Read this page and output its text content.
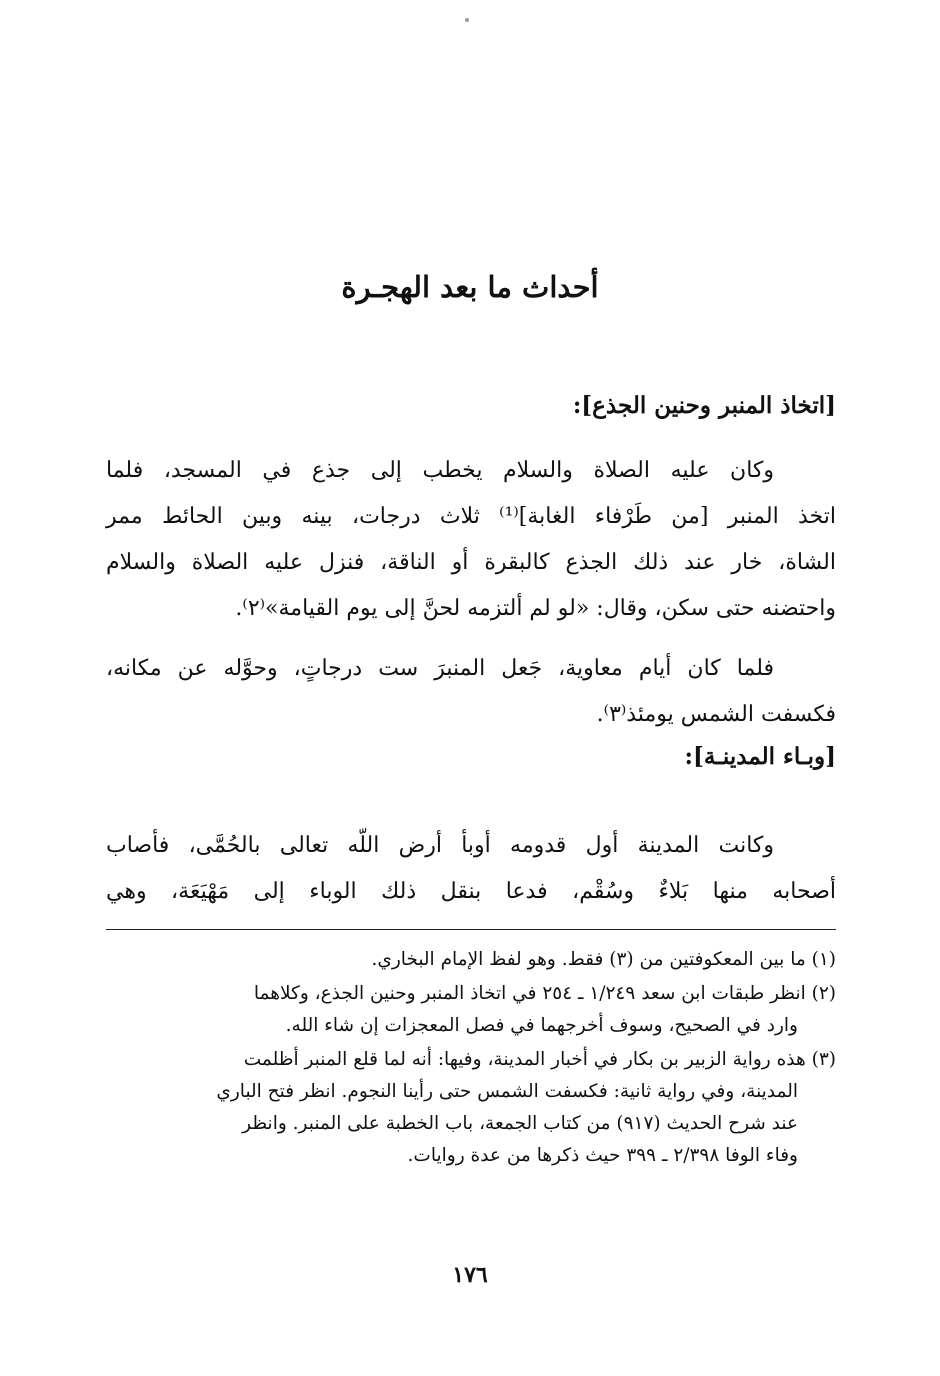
أحداث ما بعد الهجـرة
[اتخاذ المنبر وحنين الجذع]:
وكان عليه الصلاة والسلام يخطب إلى جذع في المسجد، فلما
اتخذ المنبر [من طَرْفاء الغابة]⁽¹⁾ ثلاث درجات، بينه وبين الحائط ممر
الشاة، خار عند ذلك الجذع كالبقرة أو الناقة، فنزل عليه الصلاة والسلام
واحتضنه حتى سكن، وقال: «لو لم ألتزمه لحنَّ إلى يوم القيامة»⁽٢⁾.
فلما كان أيام معاوية، جَعل المنبرَ ست درجاتٍ، وحوَّله عن مكانه،
فكسفت الشمس يومئذ⁽٣⁾.
[وبـاء المدينـة]:
وكانت المدينة أول قدومه أوبأ أرض اللّه تعالى بالحُمَّى، فأصاب
أصحابه منها بَلاءٌ وسُقْم، فدعا بنقل ذلك الوباء إلى مَهْيَعَة، وهي
(١) ما بين المعكوفتين من (٣) فقط. وهو لفظ الإمام البخاري.
(٢) انظر طبقات ابن سعد ١/٢٤٩ ـ ٢٥٤ في اتخاذ المنبر وحنين الجذع، وكلاهما
وارد في الصحيح، وسوف أخرجهما في فصل المعجزات إن شاء الله.
(٣) هذه رواية الزبير بن بكار في أخبار المدينة، وفيها: أنه لما قلع المنبر أظلمت
المدينة، وفي رواية ثانية: فكسفت الشمس حتى رأينا النجوم. انظر فتح الباري
عند شرح الحديث (٩١٧) من كتاب الجمعة، باب الخطبة على المنبر. وانظر
وفاء الوفا ٢/٣٩٨ ـ ٣٩٩ حيث ذكرها من عدة روايات.
١٧٦
